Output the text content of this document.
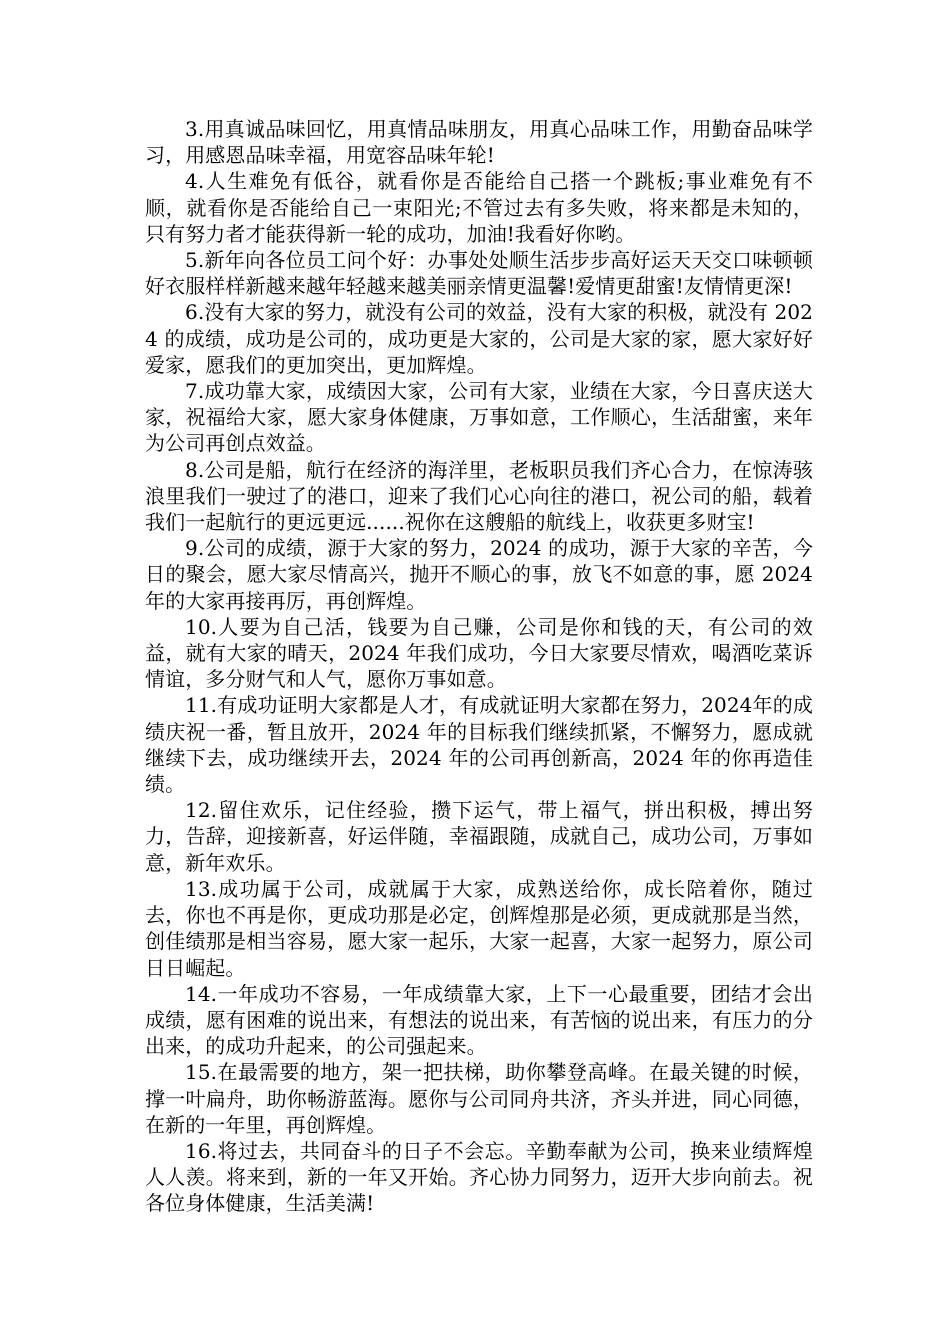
3.用真诚品味回忆，用真情品味朋友，用真心品味工作，用勤奋品味学习，用感恩品味幸福，用宽容品味年轮!

4.人生难免有低谷，就看你是否能给自己搭一个跳板;事业难免有不顺，就看你是否能给自己一束阳光;不管过去有多失败，将来都是未知的，只有努力者才能获得新一轮的成功，加油!我看好你哟。

5.新年向各位员工问个好：办事处处顺生活步步高好运天天交口味顿顿好衣服样样新越来越年轻越来越美丽亲情更温馨!爱情更甜蜜!友情情更深!

6.没有大家的努力，就没有公司的效益，没有大家的积极，就没有 2024 的成绩，成功是公司的，成功更是大家的，公司是大家的家，愿大家好好爱家，愿我们的更加突出，更加辉煌。

7.成功靠大家，成绩因大家，公司有大家，业绩在大家，今日喜庆送大家，祝福给大家，愿大家身体健康，万事如意，工作顺心，生活甜蜜，来年为公司再创点效益。

8.公司是船，航行在经济的海洋里，老板职员我们齐心合力，在惊涛骇浪里我们一驶过了的港口，迎来了我们心心向往的港口，祝公司的船，载着我们一起航行的更远更远......祝你在这艘船的航线上，收获更多财宝!

9.公司的成绩，源于大家的努力，2024 的成功，源于大家的辛苦，今日的聚会，愿大家尽情高兴，抛开不顺心的事，放飞不如意的事，愿 2024 年的大家再接再厉，再创辉煌。

10.人要为自己活，钱要为自己赚，公司是你和钱的天，有公司的效益，就有大家的晴天，2024 年我们成功，今日大家要尽情欢，喝酒吃菜诉情谊，多分财气和人气，愿你万事如意。

11.有成功证明大家都是人才，有成就证明大家都在努力，2024年的成绩庆祝一番，暂且放开，2024 年的目标我们继续抓紧，不懈努力，愿成就继续下去，成功继续开去，2024 年的公司再创新高，2024 年的你再造佳绩。

12.留住欢乐，记住经验，攒下运气，带上福气，拼出积极，搏出努力，告辞，迎接新喜，好运伴随，幸福跟随，成就自己，成功公司，万事如意，新年欢乐。

13.成功属于公司，成就属于大家，成熟送给你，成长陪着你，随过去，你也不再是你，更成功那是必定，创辉煌那是必须，更成就那是当然，创佳绩那是相当容易，愿大家一起乐，大家一起喜，大家一起努力，原公司日日崛起。

14.一年成功不容易，一年成绩靠大家，上下一心最重要，团结才会出成绩，愿有困难的说出来，有想法的说出来，有苦恼的说出来，有压力的分出来，的成功升起来，的公司强起来。

15.在最需要的地方，架一把扶梯，助你攀登高峰。在最关键的时候，撑一叶扁舟，助你畅游蓝海。愿你与公司同舟共济，齐头并进，同心同德，在新的一年里，再创辉煌。

16.将过去，共同奋斗的日子不会忘。辛勤奉献为公司，换来业绩辉煌人人羡。将来到，新的一年又开始。齐心协力同努力，迈开大步向前去。祝各位身体健康，生活美满!
